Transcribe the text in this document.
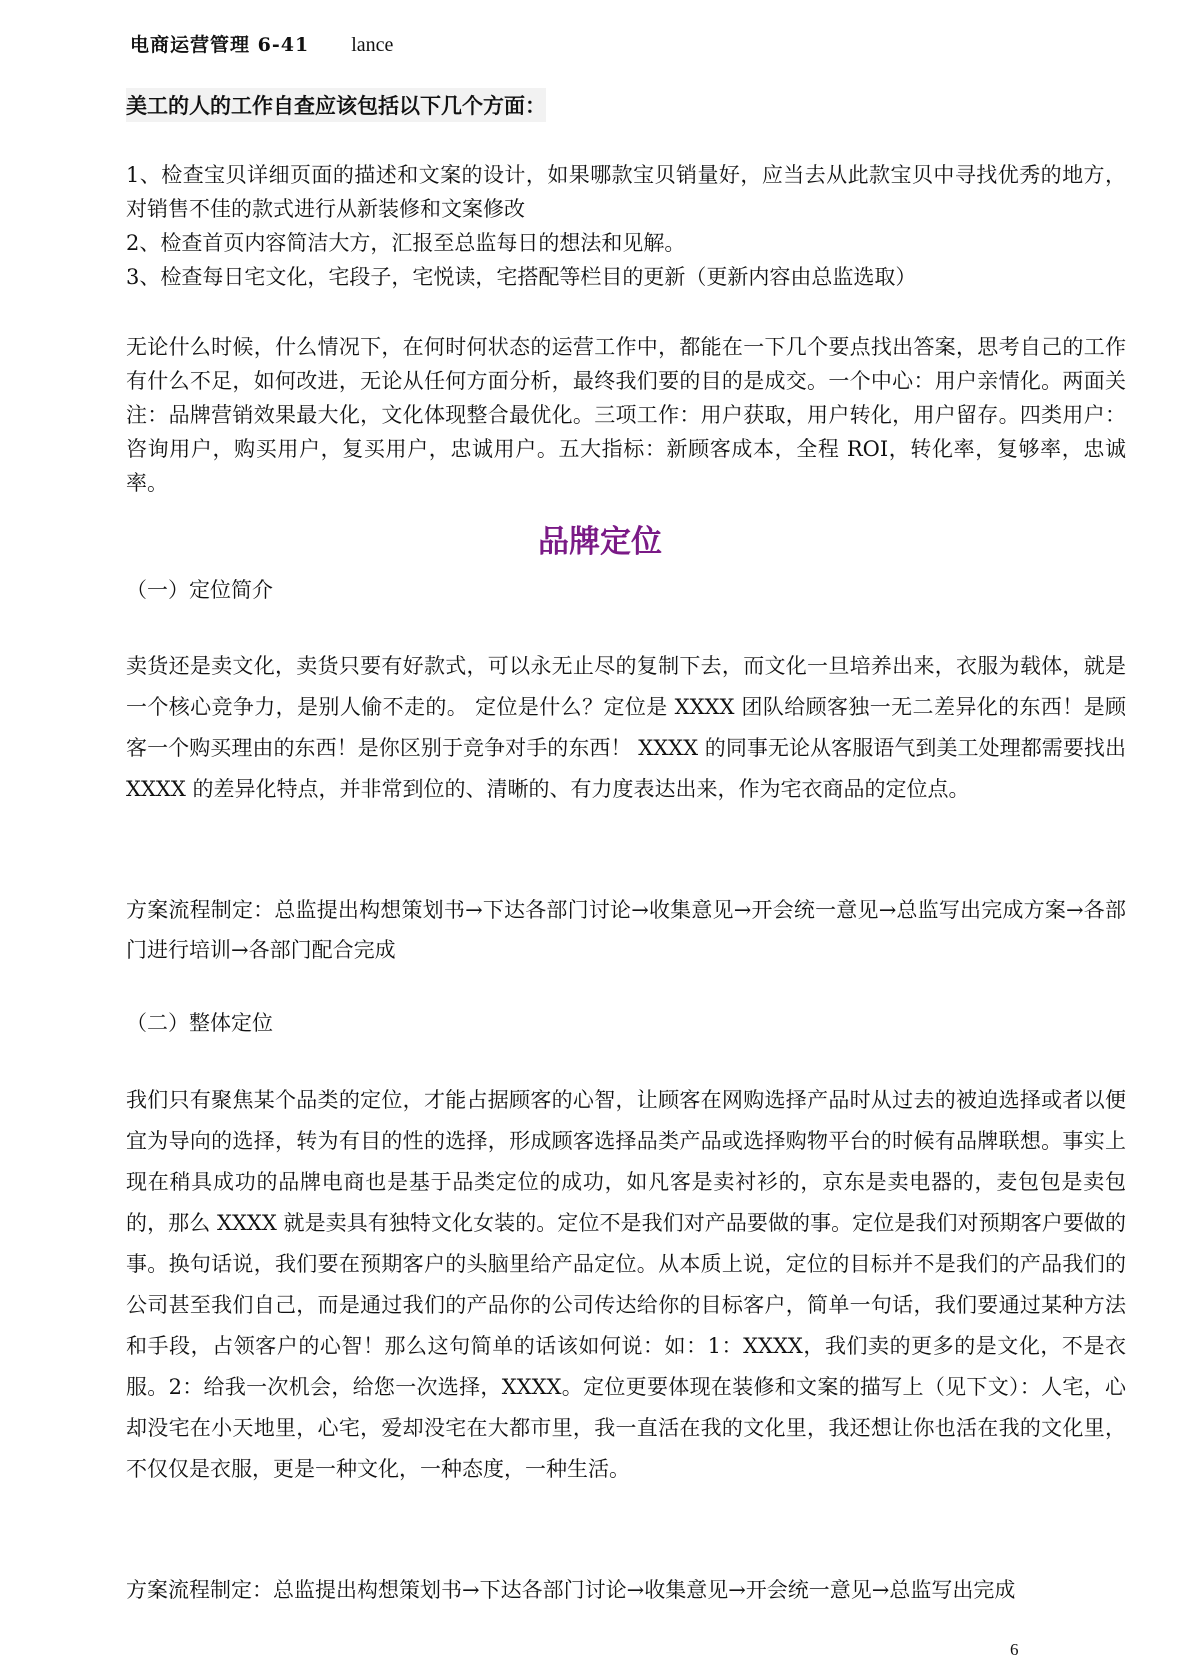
电商运营管理 6-41 lance
美工的人的工作自查应该包括以下几个方面：

1、检查宝贝详细页面的描述和文案的设计，如果哪款宝贝销量好，应当去从此款宝贝中寻找优秀的地方，对销售不佳的款式进行从新装修和文案修改

2、检查首页内容简洁大方，汇报至总监每日的想法和见解。

3、检查每日宅文化，宅段子，宅悦读，宅搭配等栏目的更新（更新内容由总监选取）

无论什么时候，什么情况下，在何时何状态的运营工作中，都能在一下几个要点找出答案，思考自己的工作有什么不足，如何改进，无论从任何方面分析，最终我们要的目的是成交。一个中心：用户亲情化。两面关注：品牌营销效果最大化，文化体现整合最优化。三项工作：用户获取，用户转化，用户留存。四类用户：咨询用户，购买用户，复买用户，忠诚用户。五大指标：新顾客成本，全程 ROI，转化率，复够率，忠诚率。

品牌定位
（一）定位简介

卖货还是卖文化，卖货只要有好款式，可以永无止尽的复制下去，而文化一旦培养出来，衣服为载体，就是一个核心竞争力，是别人偷不走的。 定位是什么？定位是 XXXX 团队给顾客独一无二差异化的东西！是顾客一个购买理由的东西！是你区别于竞争对手的东西！ XXXX 的同事无论从客服语气到美工处理都需要找出 XXXX 的差异化特点，并非常到位的、清晰的、有力度表达出来，作为宅衣商品的定位点。

方案流程制定：总监提出构想策划书→下达各部门讨论→收集意见→开会统一意见→总监写出完成方案→各部门进行培训→各部门配合完成

（二）整体定位

我们只有聚焦某个品类的定位，才能占据顾客的心智，让顾客在网购选择产品时从过去的被迫选择或者以便宜为导向的选择，转为有目的性的选择，形成顾客选择品类产品或选择购物平台的时候有品牌联想。事实上现在稍具成功的品牌电商也是基于品类定位的成功，如凡客是卖衬衫的，京东是卖电器的，麦包包是卖包的，那么 XXXX 就是卖具有独特文化女装的。定位不是我们对产品要做的事。定位是我们对预期客户要做的事。换句话说，我们要在预期客户的头脑里给产品定位。从本质上说，定位的目标并不是我们的产品我们的公司甚至我们自己，而是通过我们的产品你的公司传达给你的目标客户，简单一句话，我们要通过某种方法和手段，占领客户的心智！那么这句简单的话该如何说：如：1：XXXX，我们卖的更多的是文化，不是衣服。2：给我一次机会，给您一次选择，XXXX。定位更要体现在装修和文案的描写上（见下文）：人宅，心却没宅在小天地里，心宅，爱却没宅在大都市里，我一直活在我的文化里，我还想让你也活在我的文化里，不仅仅是衣服，更是一种文化，一种态度，一种生活。

方案流程制定：总监提出构想策划书→下达各部门讨论→收集意见→开会统一意见→总监写出完成

6
